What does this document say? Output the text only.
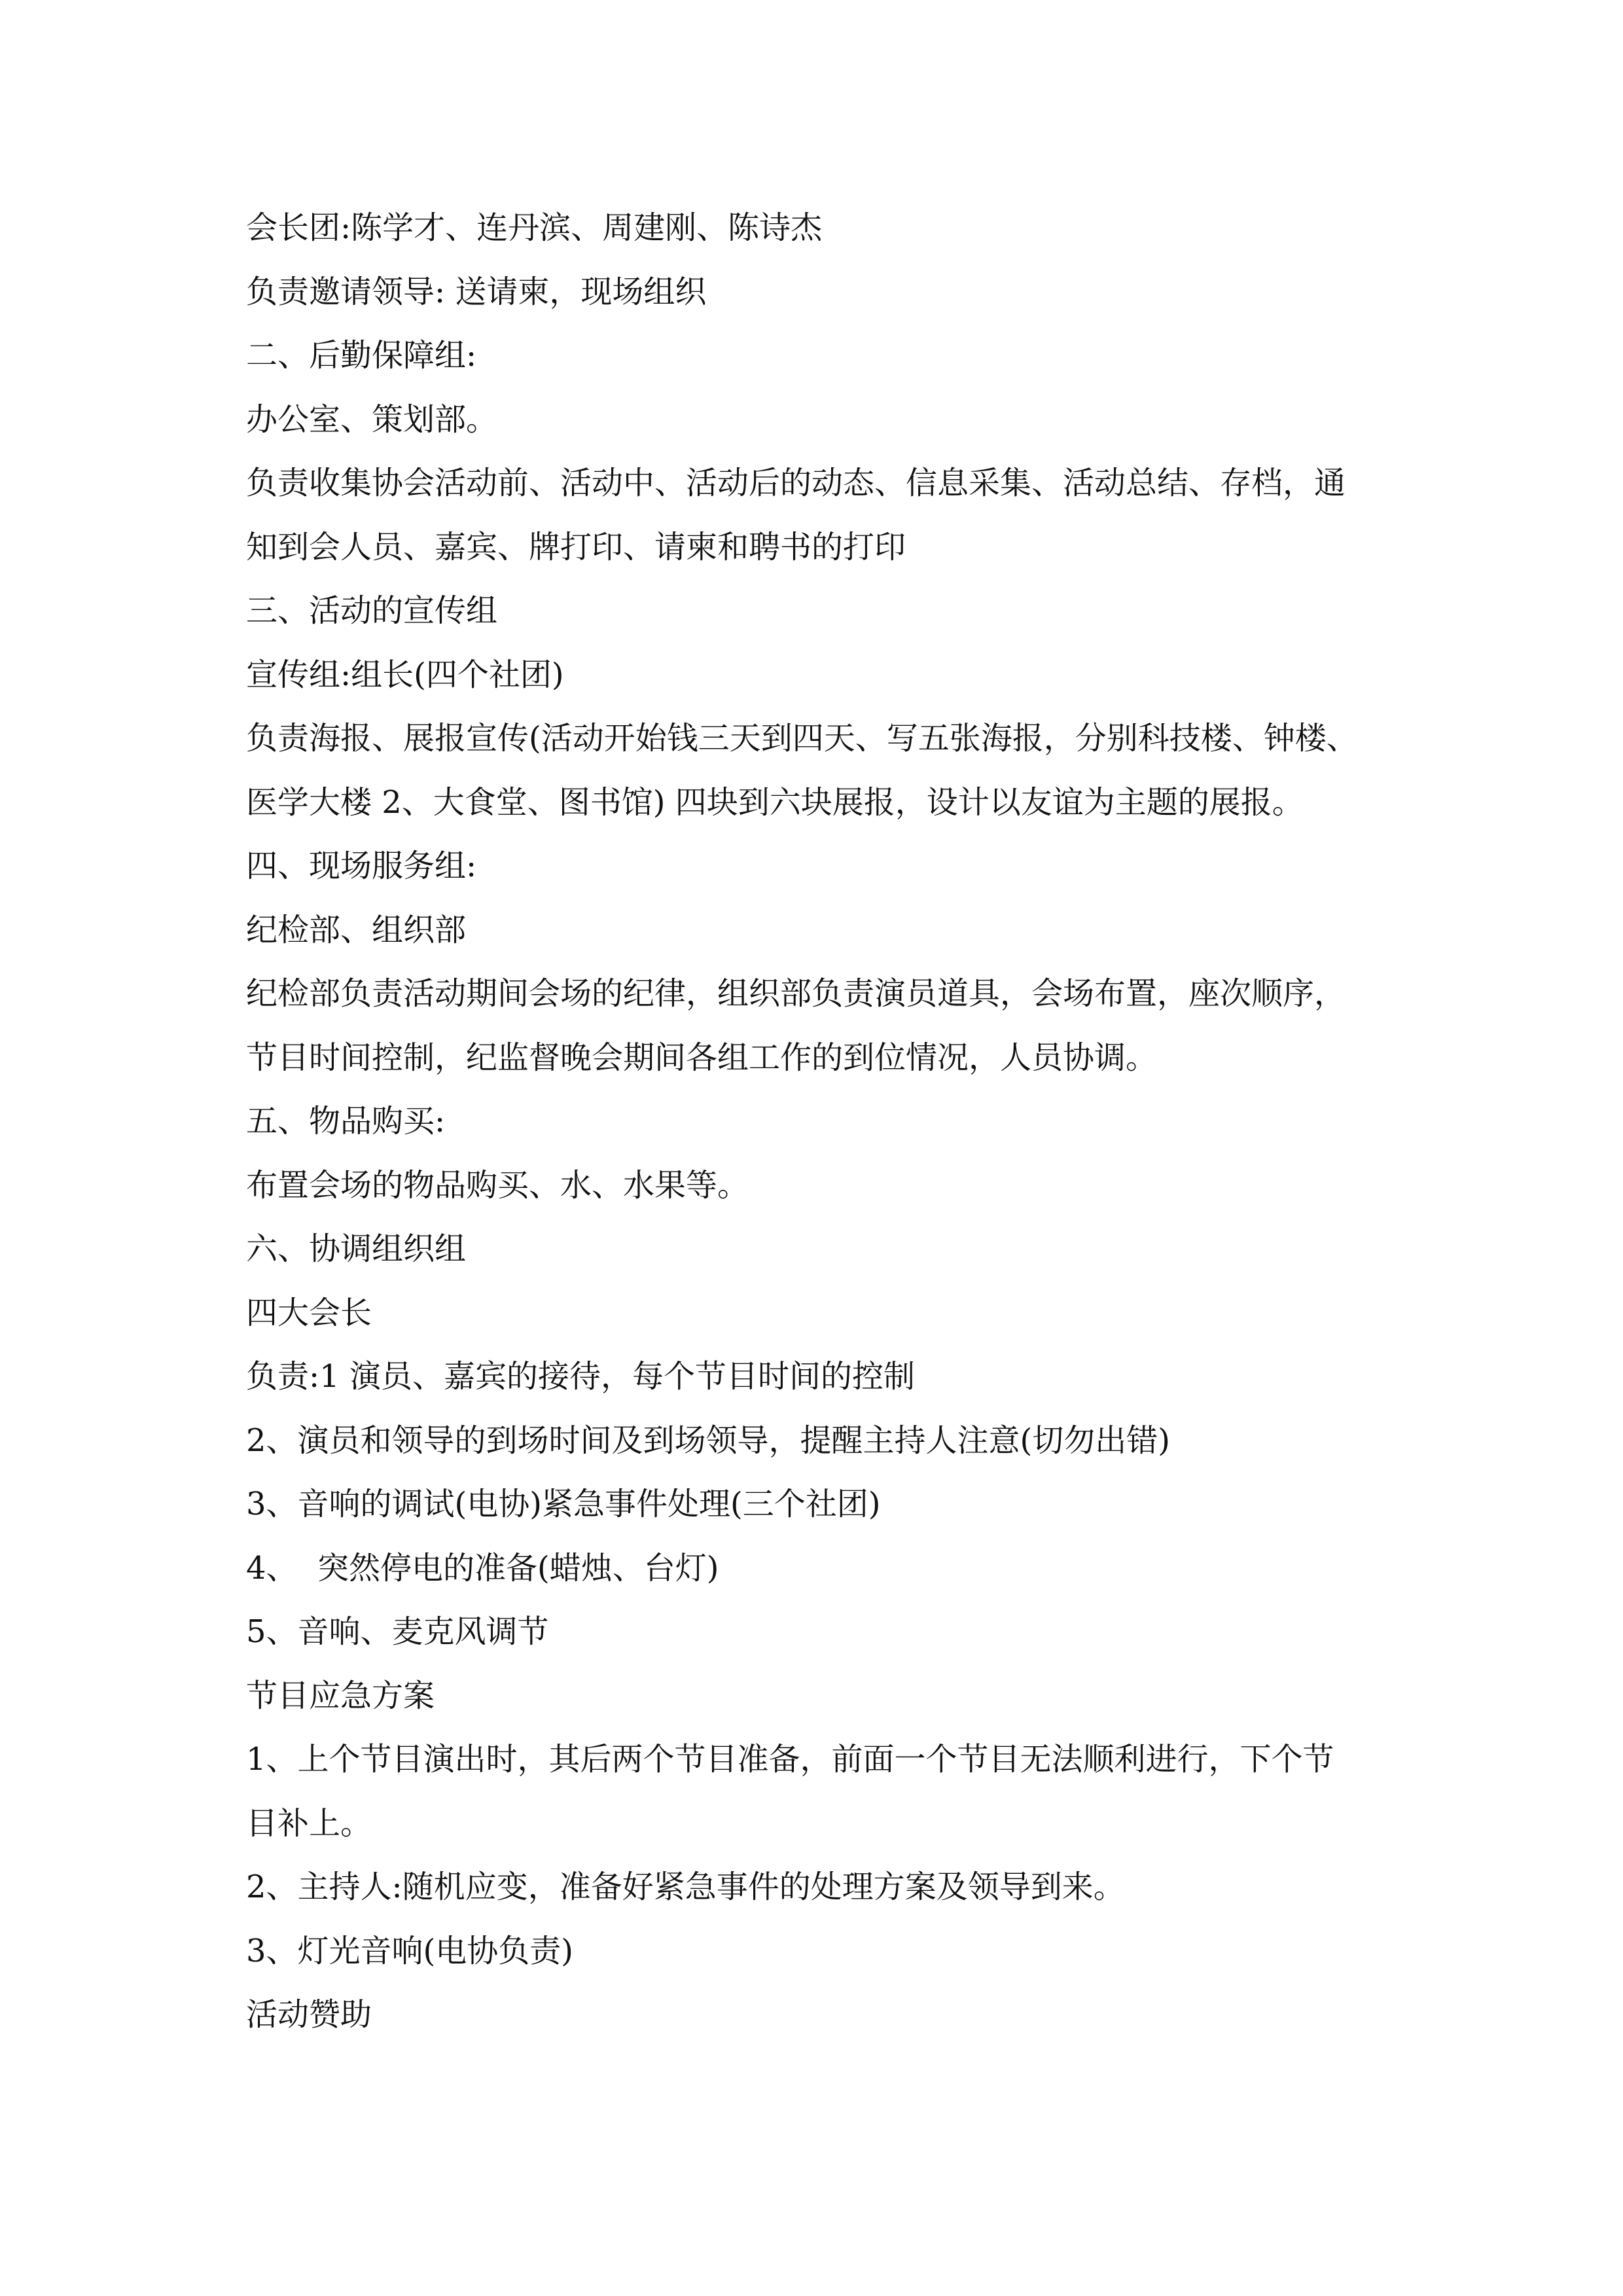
会长团:陈学才、连丹滨、周建刚、陈诗杰
负责邀请领导: 送请柬，现场组织
二、后勤保障组:
办公室、策划部。
负责收集协会活动前、活动中、活动后的动态、信息采集、活动总结、存档，通
知到会人员、嘉宾、牌打印、请柬和聘书的打印
三、活动的宣传组
宣传组:组长(四个社团)
负责海报、展报宣传(活动开始钱三天到四天、写五张海报，分别科技楼、钟楼、
医学大楼 2、大食堂、图书馆) 四块到六块展报，设计以友谊为主题的展报。
四、现场服务组:
纪检部、组织部
纪检部负责活动期间会场的纪律，组织部负责演员道具，会场布置，座次顺序，
节目时间控制，纪监督晚会期间各组工作的到位情况，人员协调。
五、物品购买:
布置会场的物品购买、水、水果等。
六、协调组织组
四大会长
负责:1 演员、嘉宾的接待，每个节目时间的控制
2、演员和领导的到场时间及到场领导，提醒主持人注意(切勿出错)
3、音响的调试(电协)紧急事件处理(三个社团)
4、  突然停电的准备(蜡烛、台灯)
5、音响、麦克风调节
节目应急方案
1、上个节目演出时，其后两个节目准备，前面一个节目无法顺利进行，下个节
目补上。
2、主持人:随机应变，准备好紧急事件的处理方案及领导到来。
3、灯光音响(电协负责)
活动赞助
